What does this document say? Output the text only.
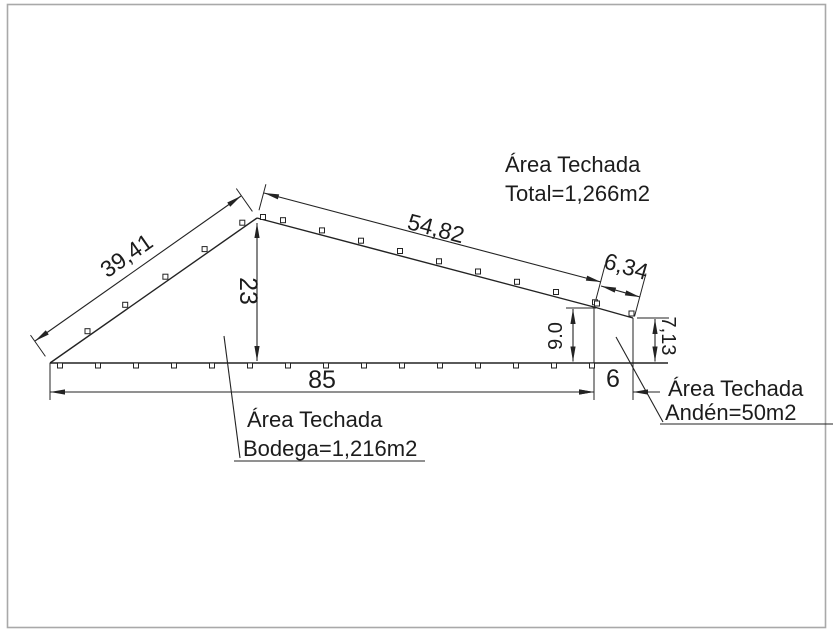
39,41
54,82
6,34
23
85	6
9.0	7,13
Área Techada
Total=1,266m2
Área Techada
Bodega=1,216m2
Área Techada
Andén=50m2
